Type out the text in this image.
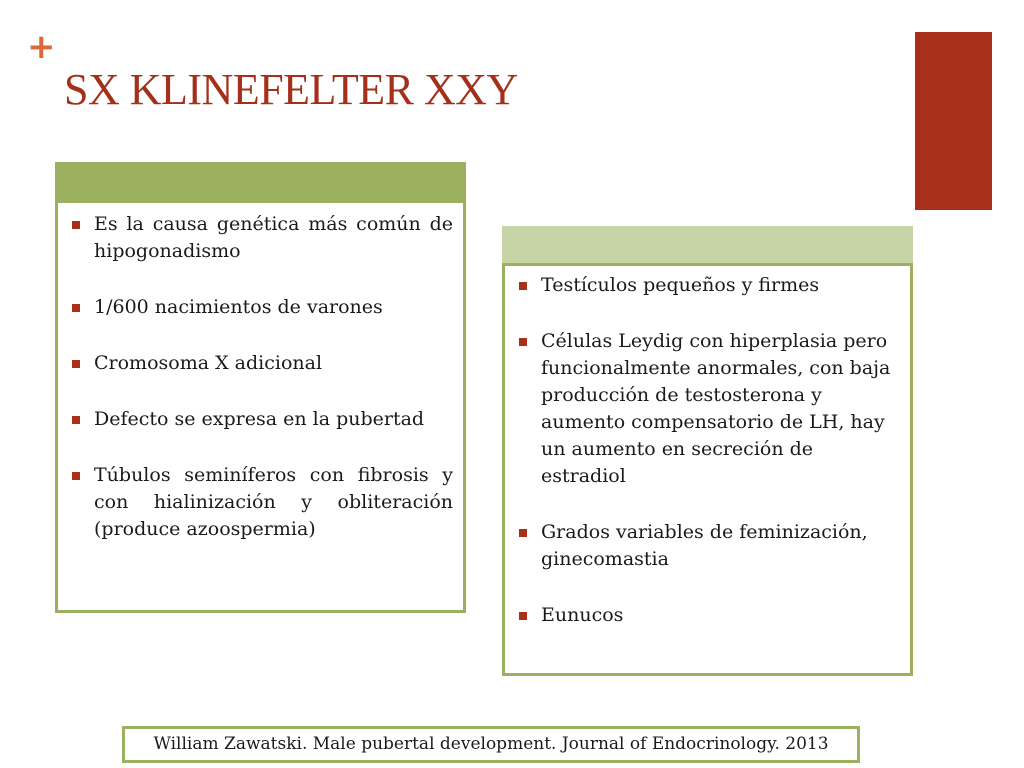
+
SX KLINEFELTER XXY
Es la causa genética más común de hipogonadismo
1/600 nacimientos de varones
Cromosoma X adicional
Defecto se expresa en la pubertad
Túbulos seminíferos con fibrosis y con hialinización y obliteración (produce azoospermia)
Testículos pequeños y firmes
Células Leydig con hiperplasia pero funcionalmente anormales, con baja producción de testosterona y aumento compensatorio de LH, hay un aumento en secreción de estradiol
Grados variables de feminización, ginecomastia
Eunucos
William Zawatski. Male pubertal development. Journal of Endocrinology. 2013
